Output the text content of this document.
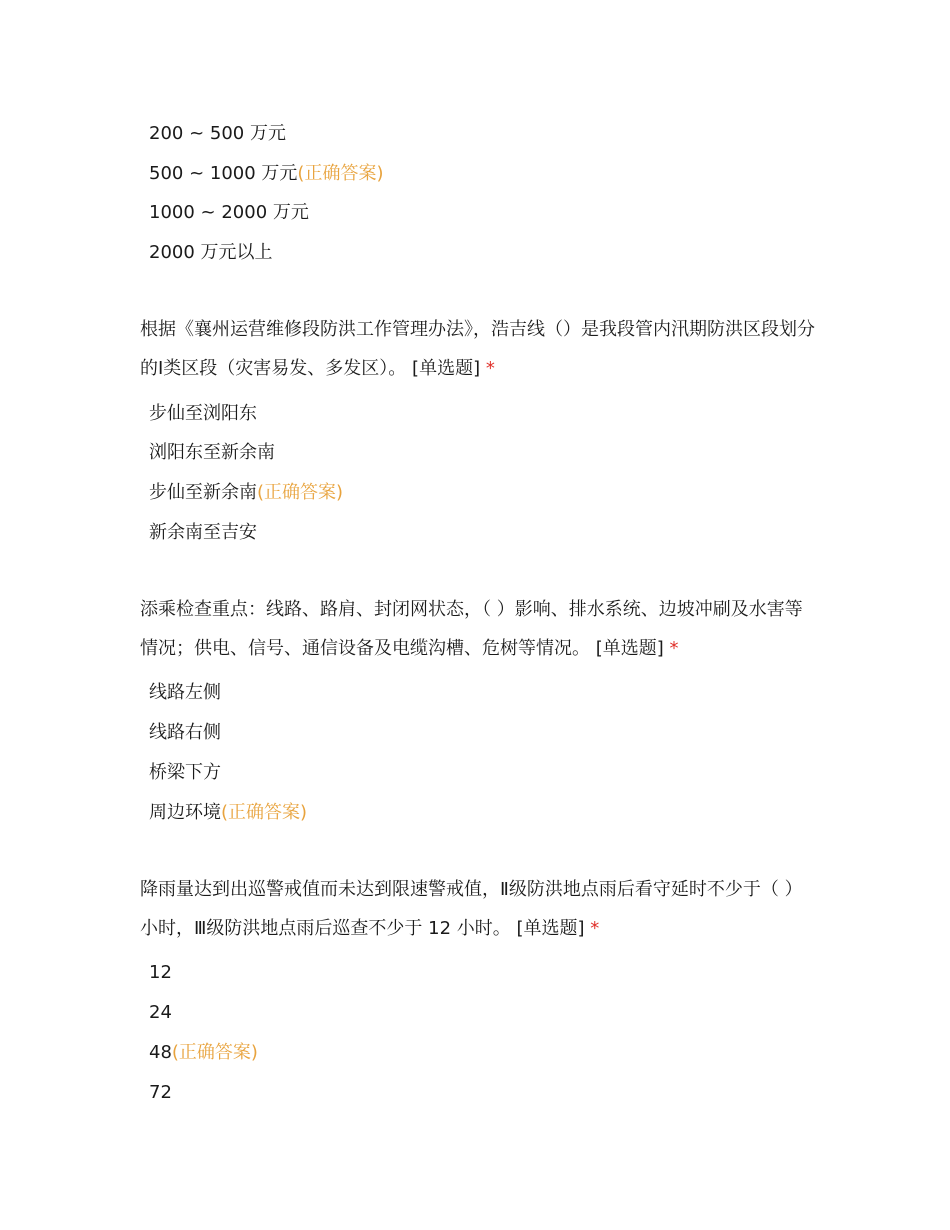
200 ~ 500 万元
500 ~ 1000 万元(正确答案)
1000 ~ 2000 万元
2000 万元以上
根据《襄州运营维修段防洪工作管理办法》，浩吉线（）是我段管内汛期防洪区段划分的Ⅰ类区段（灾害易发、多发区）。 [单选题] *
步仙至浏阳东
浏阳东至新余南
步仙至新余南(正确答案)
新余南至吉安
添乘检查重点：线路、路肩、封闭网状态，（ ）影响、排水系统、边坡冲刷及水害等情况；供电、信号、通信设备及电缆沟槽、危树等情况。 [单选题] *
线路左侧
线路右侧
桥梁下方
周边环境(正确答案)
降雨量达到出巡警戒值而未达到限速警戒值，Ⅱ级防洪地点雨后看守延时不少于（ ）小时，Ⅲ级防洪地点雨后巡查不少于 12 小时。 [单选题] *
12
24
48(正确答案)
72
